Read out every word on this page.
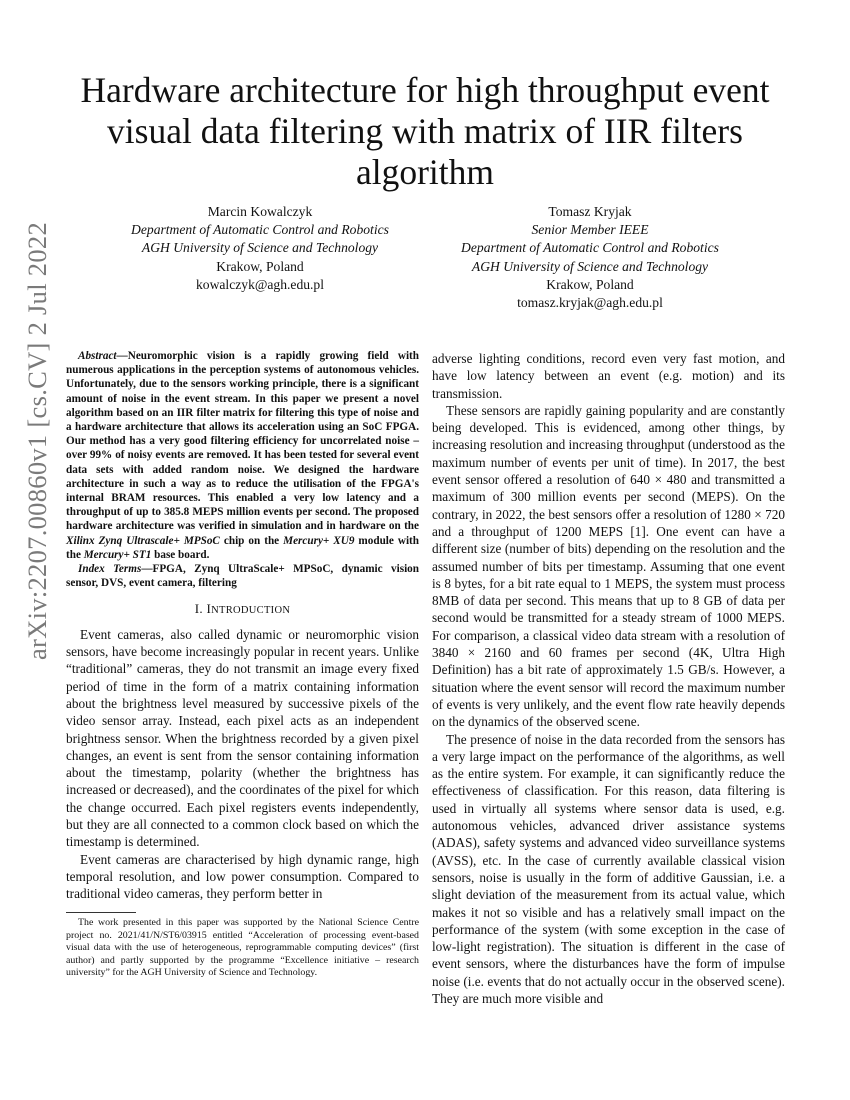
arXiv:2207.00860v1 [cs.CV] 2 Jul 2022
Hardware architecture for high throughput event visual data filtering with matrix of IIR filters algorithm
Marcin Kowalczyk
Department of Automatic Control and Robotics
AGH University of Science and Technology
Krakow, Poland
kowalczyk@agh.edu.pl
Tomasz Kryjak
Senior Member IEEE
Department of Automatic Control and Robotics
AGH University of Science and Technology
Krakow, Poland
tomasz.kryjak@agh.edu.pl

Abstract—Neuromorphic vision is a rapidly growing field with numerous applications in the perception systems of autonomous vehicles. Unfortunately, due to the sensors working principle, there is a significant amount of noise in the event stream. In this paper we present a novel algorithm based on an IIR filter matrix for filtering this type of noise and a hardware architecture that allows its acceleration using an SoC FPGA. Our method has a very good filtering efficiency for uncorrelated noise – over 99% of noisy events are removed. It has been tested for several event data sets with added random noise. We designed the hardware architecture in such a way as to reduce the utilisation of the FPGA's internal BRAM resources. This enabled a very low latency and a throughput of up to 385.8 MEPS million events per second. The proposed hardware architecture was verified in simulation and in hardware on the Xilinx Zynq Ultrascale+ MPSoC chip on the Mercury+ XU9 module with the Mercury+ ST1 base board.

Index Terms—FPGA, Zynq UltraScale+ MPSoC, dynamic vision sensor, DVS, event camera, filtering

I. INTRODUCTION

Event cameras, also called dynamic or neuromorphic vision sensors, have become increasingly popular in recent years. Unlike “traditional” cameras, they do not transmit an image every fixed period of time in the form of a matrix containing information about the brightness level measured by successive pixels of the video sensor array. Instead, each pixel acts as an independent brightness sensor. When the brightness recorded by a given pixel changes, an event is sent from the sensor containing information about the timestamp, polarity (whether the brightness has increased or decreased), and the coordinates of the pixel for which the change occurred. Each pixel registers events independently, but they are all connected to a common clock based on which the timestamp is determined.

Event cameras are characterised by high dynamic range, high temporal resolution, and low power consumption. Compared to traditional video cameras, they perform better in

The work presented in this paper was supported by the National Science Centre project no. 2021/41/N/ST6/03915 entitled “Acceleration of processing event-based visual data with the use of heterogeneous, reprogrammable computing devices” (first author) and partly supported by the programme “Excellence initiative – research university” for the AGH University of Science and Technology.

adverse lighting conditions, record even very fast motion, and have low latency between an event (e.g. motion) and its transmission.

These sensors are rapidly gaining popularity and are constantly being developed. This is evidenced, among other things, by increasing resolution and increasing throughput (understood as the maximum number of events per unit of time). In 2017, the best event sensor offered a resolution of 640 × 480 and transmitted a maximum of 300 million events per second (MEPS). On the contrary, in 2022, the best sensors offer a resolution of 1280 × 720 and a throughput of 1200 MEPS [1]. One event can have a different size (number of bits) depending on the resolution and the assumed number of bits per timestamp. Assuming that one event is 8 bytes, for a bit rate equal to 1 MEPS, the system must process 8MB of data per second. This means that up to 8 GB of data per second would be transmitted for a steady stream of 1000 MEPS. For comparison, a classical video data stream with a resolution of 3840 × 2160 and 60 frames per second (4K, Ultra High Definition) has a bit rate of approximately 1.5 GB/s. However, a situation where the event sensor will record the maximum number of events is very unlikely, and the event flow rate heavily depends on the dynamics of the observed scene.

The presence of noise in the data recorded from the sensors has a very large impact on the performance of the algorithms, as well as the entire system. For example, it can significantly reduce the effectiveness of classification. For this reason, data filtering is used in virtually all systems where sensor data is used, e.g. autonomous vehicles, advanced driver assistance systems (ADAS), safety systems and advanced video surveillance systems (AVSS), etc. In the case of currently available classical vision sensors, noise is usually in the form of additive Gaussian, i.e. a slight deviation of the measurement from its actual value, which makes it not so visible and has a relatively small impact on the performance of the system (with some exception in the case of low-light registration). The situation is different in the case of event sensors, where the disturbances have the form of impulse noise (i.e. events that do not actually occur in the observed scene). They are much more visible and
